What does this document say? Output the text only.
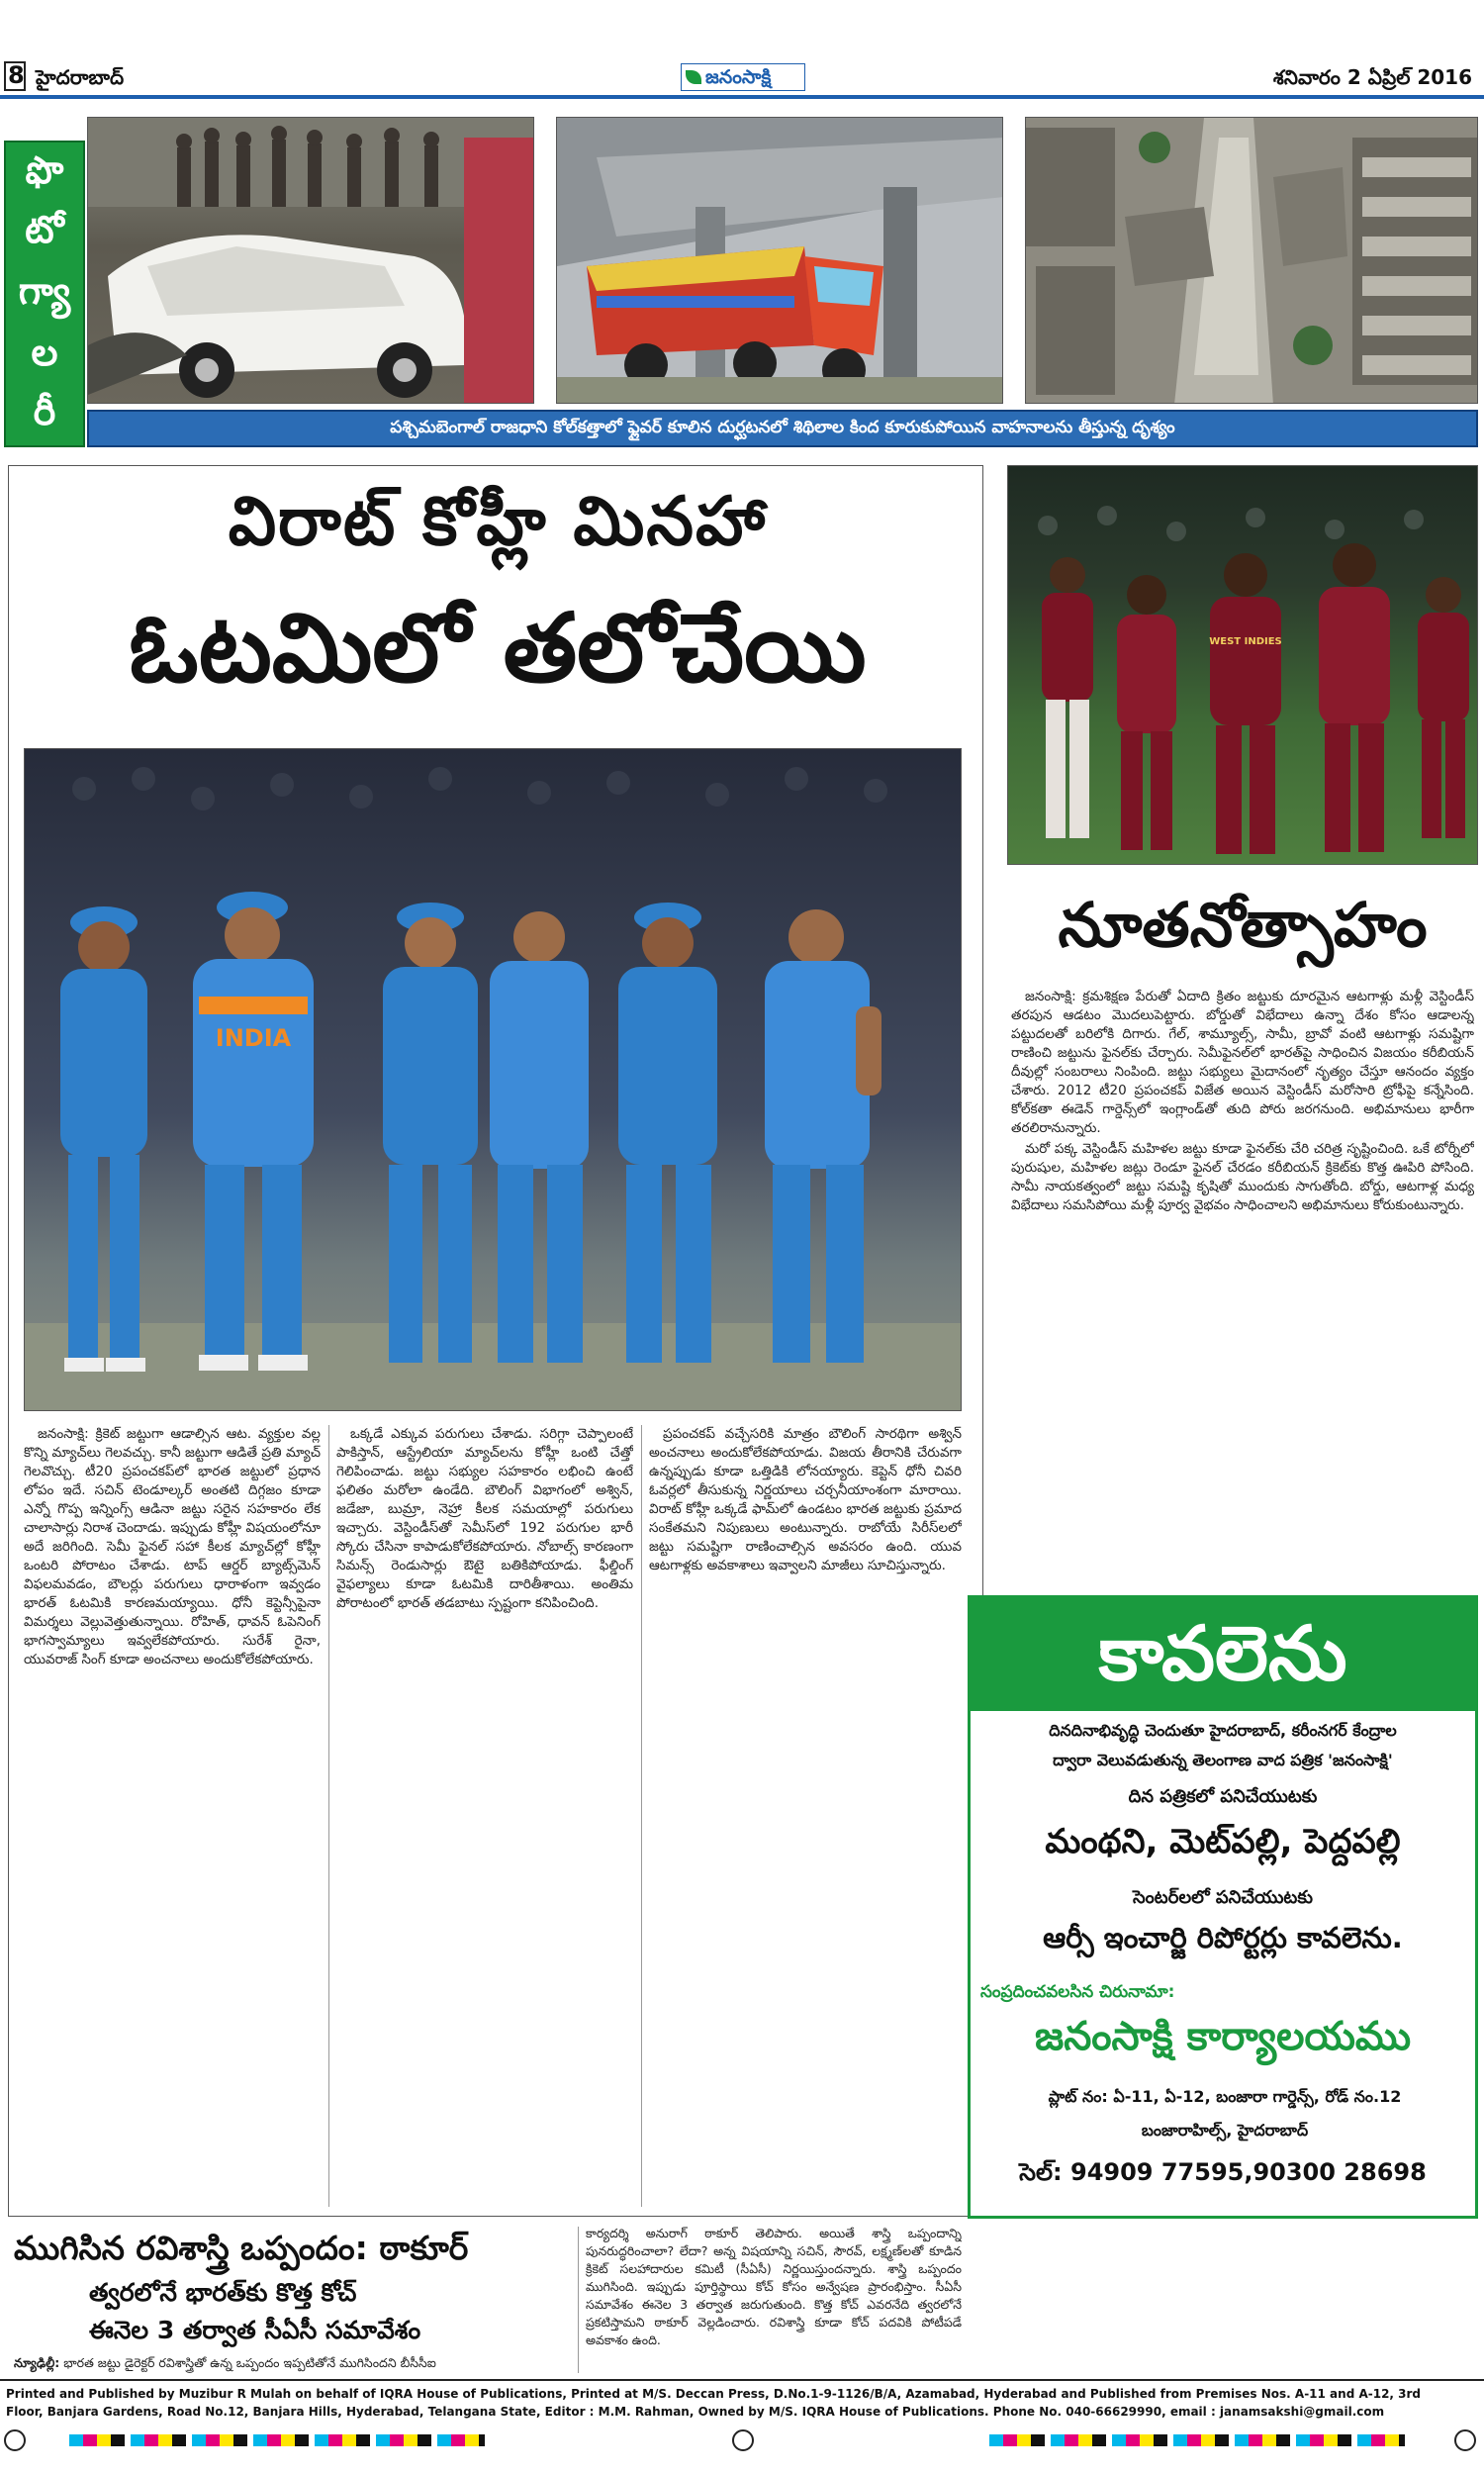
8 హైదరాబాద్	జనంసాక్షి	శనివారం 2 ఏప్రిల్ 2016
ఫొ
టో
గ్యా
ల
రీ	పశ్చిమబెంగాల్ రాజధాని కోల్‌కత్తాలో ఫ్లైవర్ కూలిన దుర్ఘటనలో శిథిలాల కింద కూరుకుపోయిన వాహనాలను తీస్తున్న దృశ్యం
విరాట్ కోహ్లీ మినహా
ఓటమిలో తలోచేయి
INDIA

జనంసాక్షి: క్రికెట్ జట్టుగా ఆడాల్సిన ఆట. వ్యక్తుల వల్ల కొన్ని మ్యాచ్‌లు గెలవచ్చు. కానీ జట్టుగా ఆడితే ప్రతి మ్యాచ్ గెలవొచ్చు. టీ20 ప్రపంచకప్‌లో భారత జట్టులో ప్రధాన లోపం ఇదే. సచిన్ టెండూల్కర్ అంతటి దిగ్గజం కూడా ఎన్నో గొప్ప ఇన్నింగ్స్ ఆడినా జట్టు సరైన సహకారం లేక చాలాసార్లు నిరాశ చెందాడు. ఇప్పుడు కోహ్లీ విషయంలోనూ అదే జరిగింది. సెమీ ఫైనల్ సహా కీలక మ్యాచ్‌ల్లో కోహ్లీ ఒంటరి పోరాటం చేశాడు. టాప్ ఆర్డర్ బ్యాట్స్‌మెన్ విఫలమవడం, బౌలర్లు పరుగులు ధారాళంగా ఇవ్వడం భారత్ ఓటమికి కారణమయ్యాయి. ధోనీ కెప్టెన్సీపైనా విమర్శలు వెల్లువెత్తుతున్నాయి. రోహిత్, ధావన్ ఓపెనింగ్ భాగస్వామ్యాలు ఇవ్వలేకపోయారు. సురేశ్ రైనా, యువరాజ్ సింగ్ కూడా అంచనాలు అందుకోలేకపోయారు.

ఒక్కడే ఎక్కువ పరుగులు చేశాడు. సరిగ్గా చెప్పాలంటే పాకిస్తాన్, ఆస్ట్రేలియా మ్యాచ్‌లను కోహ్లీ ఒంటి చేత్తో గెలిపించాడు. జట్టు సభ్యుల సహకారం లభించి ఉంటే ఫలితం మరోలా ఉండేది. బౌలింగ్ విభాగంలో అశ్విన్, జడేజా, బుమ్రా, నెహ్రా కీలక సమయాల్లో పరుగులు ఇచ్చారు. వెస్టిండీస్‌తో సెమీస్‌లో 192 పరుగుల భారీ స్కోరు చేసినా కాపాడుకోలేకపోయారు. నోబాల్స్ కారణంగా సిమన్స్ రెండుసార్లు ఔటై బతికిపోయాడు. ఫీల్డింగ్ వైఫల్యాలు కూడా ఓటమికి దారితీశాయి. అంతిమ పోరాటంలో భారత్ తడబాటు స్పష్టంగా కనిపించింది.

ప్రపంచకప్ వచ్చేసరికి మాత్రం బౌలింగ్ సారథిగా అశ్విన్ అంచనాలు అందుకోలేకపోయాడు. విజయ తీరానికి చేరువగా ఉన్నప్పుడు కూడా ఒత్తిడికి లోనయ్యారు. కెప్టెన్ ధోనీ చివరి ఓవర్లలో తీసుకున్న నిర్ణయాలు చర్చనీయాంశంగా మారాయి. విరాట్ కోహ్లీ ఒక్కడే ఫామ్‌లో ఉండటం భారత జట్టుకు ప్రమాద సంకేతమని నిపుణులు అంటున్నారు. రాబోయే సిరీస్‌లలో జట్టు సమష్టిగా రాణించాల్సిన అవసరం ఉంది. యువ ఆటగాళ్లకు అవకాశాలు ఇవ్వాలని మాజీలు సూచిస్తున్నారు.

WEST INDIES
నూతనోత్సాహం

జనంసాక్షి: క్రమశిక్షణ పేరుతో ఏదాది క్రితం జట్టుకు దూరమైన ఆటగాళ్లు మళ్లీ వెస్టిండీస్ తరపున ఆడటం మొదలుపెట్టారు. బోర్డుతో విభేదాలు ఉన్నా దేశం కోసం ఆడాలన్న పట్టుదలతో బరిలోకి దిగారు. గేల్, శామ్యూల్స్, సామీ, బ్రావో వంటి ఆటగాళ్లు సమష్టిగా రాణించి జట్టును ఫైనల్‌కు చేర్చారు. సెమీఫైనల్‌లో భారత్‌పై సాధించిన విజయం కరీబియన్ దీవుల్లో సంబరాలు నింపింది. జట్టు సభ్యులు మైదానంలో నృత్యం చేస్తూ ఆనందం వ్యక్తం చేశారు. 2012 టీ20 ప్రపంచకప్ విజేత అయిన వెస్టిండీస్ మరోసారి ట్రోఫీపై కన్నేసింది. కోల్‌కతా ఈడెన్ గార్డెన్స్‌లో ఇంగ్లాండ్‌తో తుది పోరు జరగనుంది. అభిమానులు భారీగా తరలిరానున్నారు.

మరో పక్క వెస్టిండీస్ మహిళల జట్టు కూడా ఫైనల్‌కు చేరి చరిత్ర సృష్టించింది. ఒకే టోర్నీలో పురుషుల, మహిళల జట్లు రెండూ ఫైనల్ చేరడం కరీబియన్ క్రికెట్‌కు కొత్త ఊపిరి పోసింది. సామీ నాయకత్వంలో జట్టు సమష్టి కృషితో ముందుకు సాగుతోంది. బోర్డు, ఆటగాళ్ల మధ్య విభేదాలు సమసిపోయి మళ్లీ పూర్వ వైభవం సాధించాలని అభిమానులు కోరుకుంటున్నారు.

కావలెను
దినదినాభివృద్ధి చెందుతూ హైదరాబాద్, కరీంనగర్ కేంద్రాల
ద్వారా వెలువడుతున్న తెలంగాణ వాద పత్రిక 'జనంసాక్షి'
దిన పత్రికలో పనిచేయుటకు
మంథని, మెట్‌పల్లి, పెద్దపల్లి
సెంటర్‌లలో పనిచేయుటకు
ఆర్సీ ఇంచార్జి రిపోర్టర్లు కావలెను.
సంప్రదించవలసిన చిరునామా:
జనంసాక్షి కార్యాలయము
ప్లాట్ నం: ఏ-11, ఏ-12, బంజారా గార్డెన్స్, రోడ్ నం.12
బంజారాహిల్స్, హైదరాబాద్
సెల్: 94909 77595,90300 28698
ముగిసిన రవిశాస్త్రి ఒప్పందం: ఠాకూర్
త్వరలోనే భారత్‌కు కొత్త కోచ్
ఈనెల 3 తర్వాత సీఏసీ సమావేశం
న్యూఢిల్లీ: భారత జట్టు డైరెక్టర్ రవిశాస్త్రితో ఉన్న ఒప్పందం ఇప్పటితోనే ముగిసిందని బీసీసీఐ
కార్యదర్శి అనురాగ్ ఠాకూర్ తెలిపారు. అయితే శాస్త్రి ఒప్పందాన్ని పునరుద్ధరించాలా? లేదా? అన్న విషయాన్ని సచిన్, సౌరవ్, లక్ష్మణ్‌లతో కూడిన క్రికెట్ సలహాదారుల కమిటీ (సీఏసీ) నిర్ణయిస్తుందన్నారు. శాస్త్రి ఒప్పందం ముగిసింది. ఇప్పుడు పూర్తిస్థాయి కోచ్ కోసం అన్వేషణ ప్రారంభిస్తాం. సీఏసీ సమావేశం ఈనెల 3 తర్వాత జరుగుతుంది. కొత్త కోచ్ ఎవరనేది త్వరలోనే ప్రకటిస్తామని ఠాకూర్ వెల్లడించారు. రవిశాస్త్రి కూడా కోచ్ పదవికి పోటీపడే అవకాశం ఉంది.
Printed and Published by Muzibur R Mulah on behalf of IQRA House of Publications, Printed at M/S. Deccan Press, D.No.1-9-1126/B/A, Azamabad, Hyderabad and Published from Premises Nos. A-11 and A-12, 3rd
Floor, Banjara Gardens, Road No.12, Banjara Hills, Hyderabad, Telangana State, Editor : M.M. Rahman, Owned by M/S. IQRA House of Publications. Phone No. 040-66629990, email : janamsakshi@gmail.com
